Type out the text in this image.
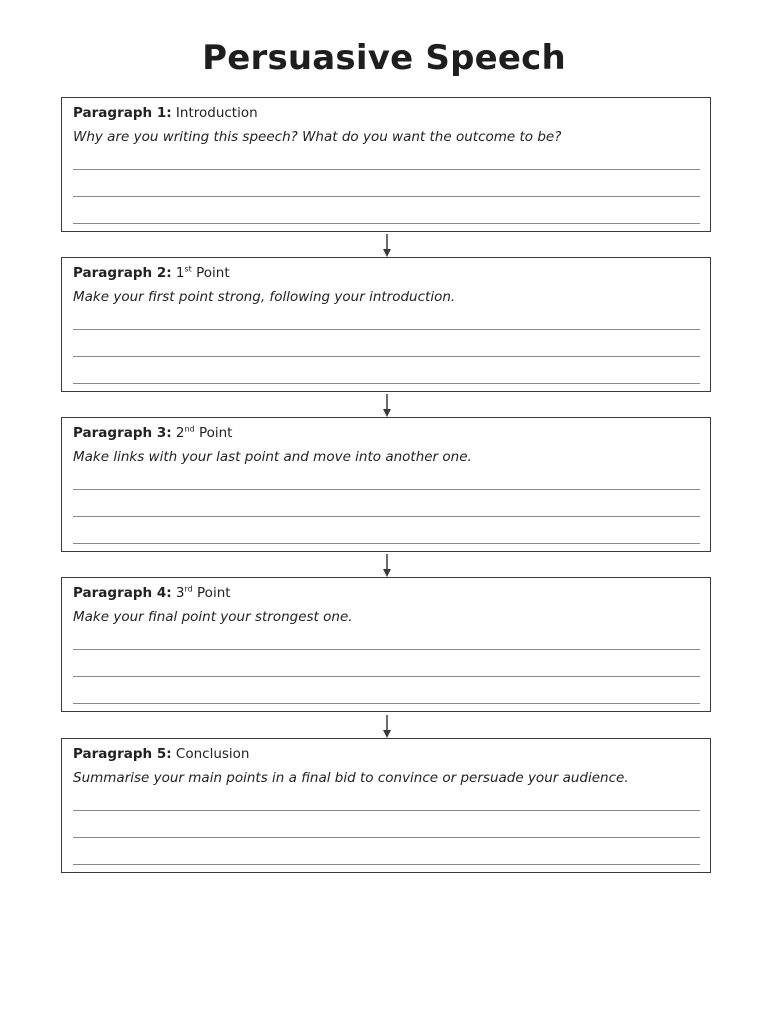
Persuasive Speech
Paragraph 1: Introduction
Why are you writing this speech? What do you want the outcome to be?
Paragraph 2: 1st Point
Make your first point strong, following your introduction.
Paragraph 3: 2nd Point
Make links with your last point and move into another one.
Paragraph 4: 3rd Point
Make your final point your strongest one.
Paragraph 5: Conclusion
Summarise your main points in a final bid to convince or persuade your audience.
